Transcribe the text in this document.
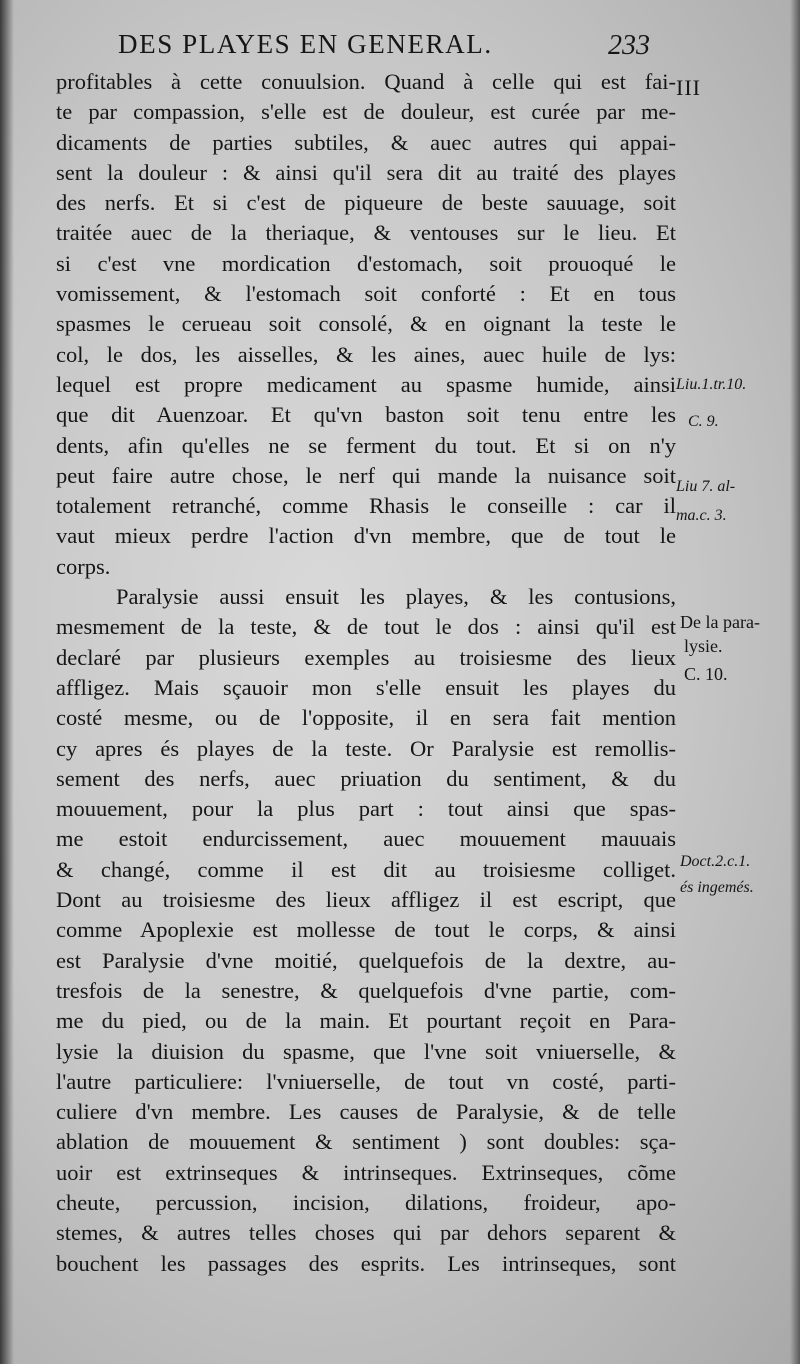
DES PLAYES EN GENERAL.	233
profitables à cette conuulsion. Quand à celle qui est fai-
te par compassion, s'elle est de douleur, est curée par me-
dicaments de parties subtiles, & auec autres qui appai-
sent la douleur : & ainsi qu'il sera dit au traité des playes
des nerfs. Et si c'est de piqueure de beste sauuage, soit
traitée auec de la theriaque, & ventouses sur le lieu. Et
si c'est vne mordication d'estomach, soit prouoqué le
vomissement, & l'estomach soit conforté : Et en tous
spasmes le cerueau soit consolé, & en oignant la teste le
col, le dos, les aisselles, & les aines, auec huile de lys:
lequel est propre medicament au spasme humide, ainsi
que dit Auenzoar. Et qu'vn baston soit tenu entre les
dents, afin qu'elles ne se ferment du tout. Et si on n'y
peut faire autre chose, le nerf qui mande la nuisance soit
totalement retranché, comme Rhasis le conseille : car il
vaut mieux perdre l'action d'vn membre, que de tout le
corps.
Paralysie aussi ensuit les playes, & les contusions,
mesmement de la teste, & de tout le dos : ainsi qu'il est
declaré par plusieurs exemples au troisiesme des lieux
affligez. Mais sçauoir mon s'elle ensuit les playes du
costé mesme, ou de l'opposite, il en sera fait mention
cy apres és playes de la teste. Or Paralysie est remollis-
sement des nerfs, auec priuation du sentiment, & du
mouuement, pour la plus part : tout ainsi que spas-
me estoit endurcissement, auec mouuement mauuais
& changé, comme il est dit au troisiesme colliget.
Dont au troisiesme des lieux affligez il est escript, que
comme Apoplexie est mollesse de tout le corps, & ainsi
est Paralysie d'vne moitié, quelquefois de la dextre, au-
tresfois de la senestre, & quelquefois d'vne partie, com-
me du pied, ou de la main. Et pourtant reçoit en Para-
lysie la diuision du spasme, que l'vne soit vniuerselle, &
l'autre particuliere: l'vniuerselle, de tout vn costé, parti-
culiere d'vn membre. Les causes de Paralysie, & de telle
ablation de mouuement & sentiment ) sont doubles: sça-
uoir est extrinseques & intrinseques. Extrinseques, cõme
cheute, percussion, incision, dilations, froideur, apo-
stemes, & autres telles choses qui par dehors separent &
bouchent les passages des esprits. Les intrinseques, sont
III
Liu.1.tr.10.
C. 9.
Liu 7. al-
ma.c. 3.
De la para-
lysie.
C. 10.
Doct.2.c.1.
és ingemés.
